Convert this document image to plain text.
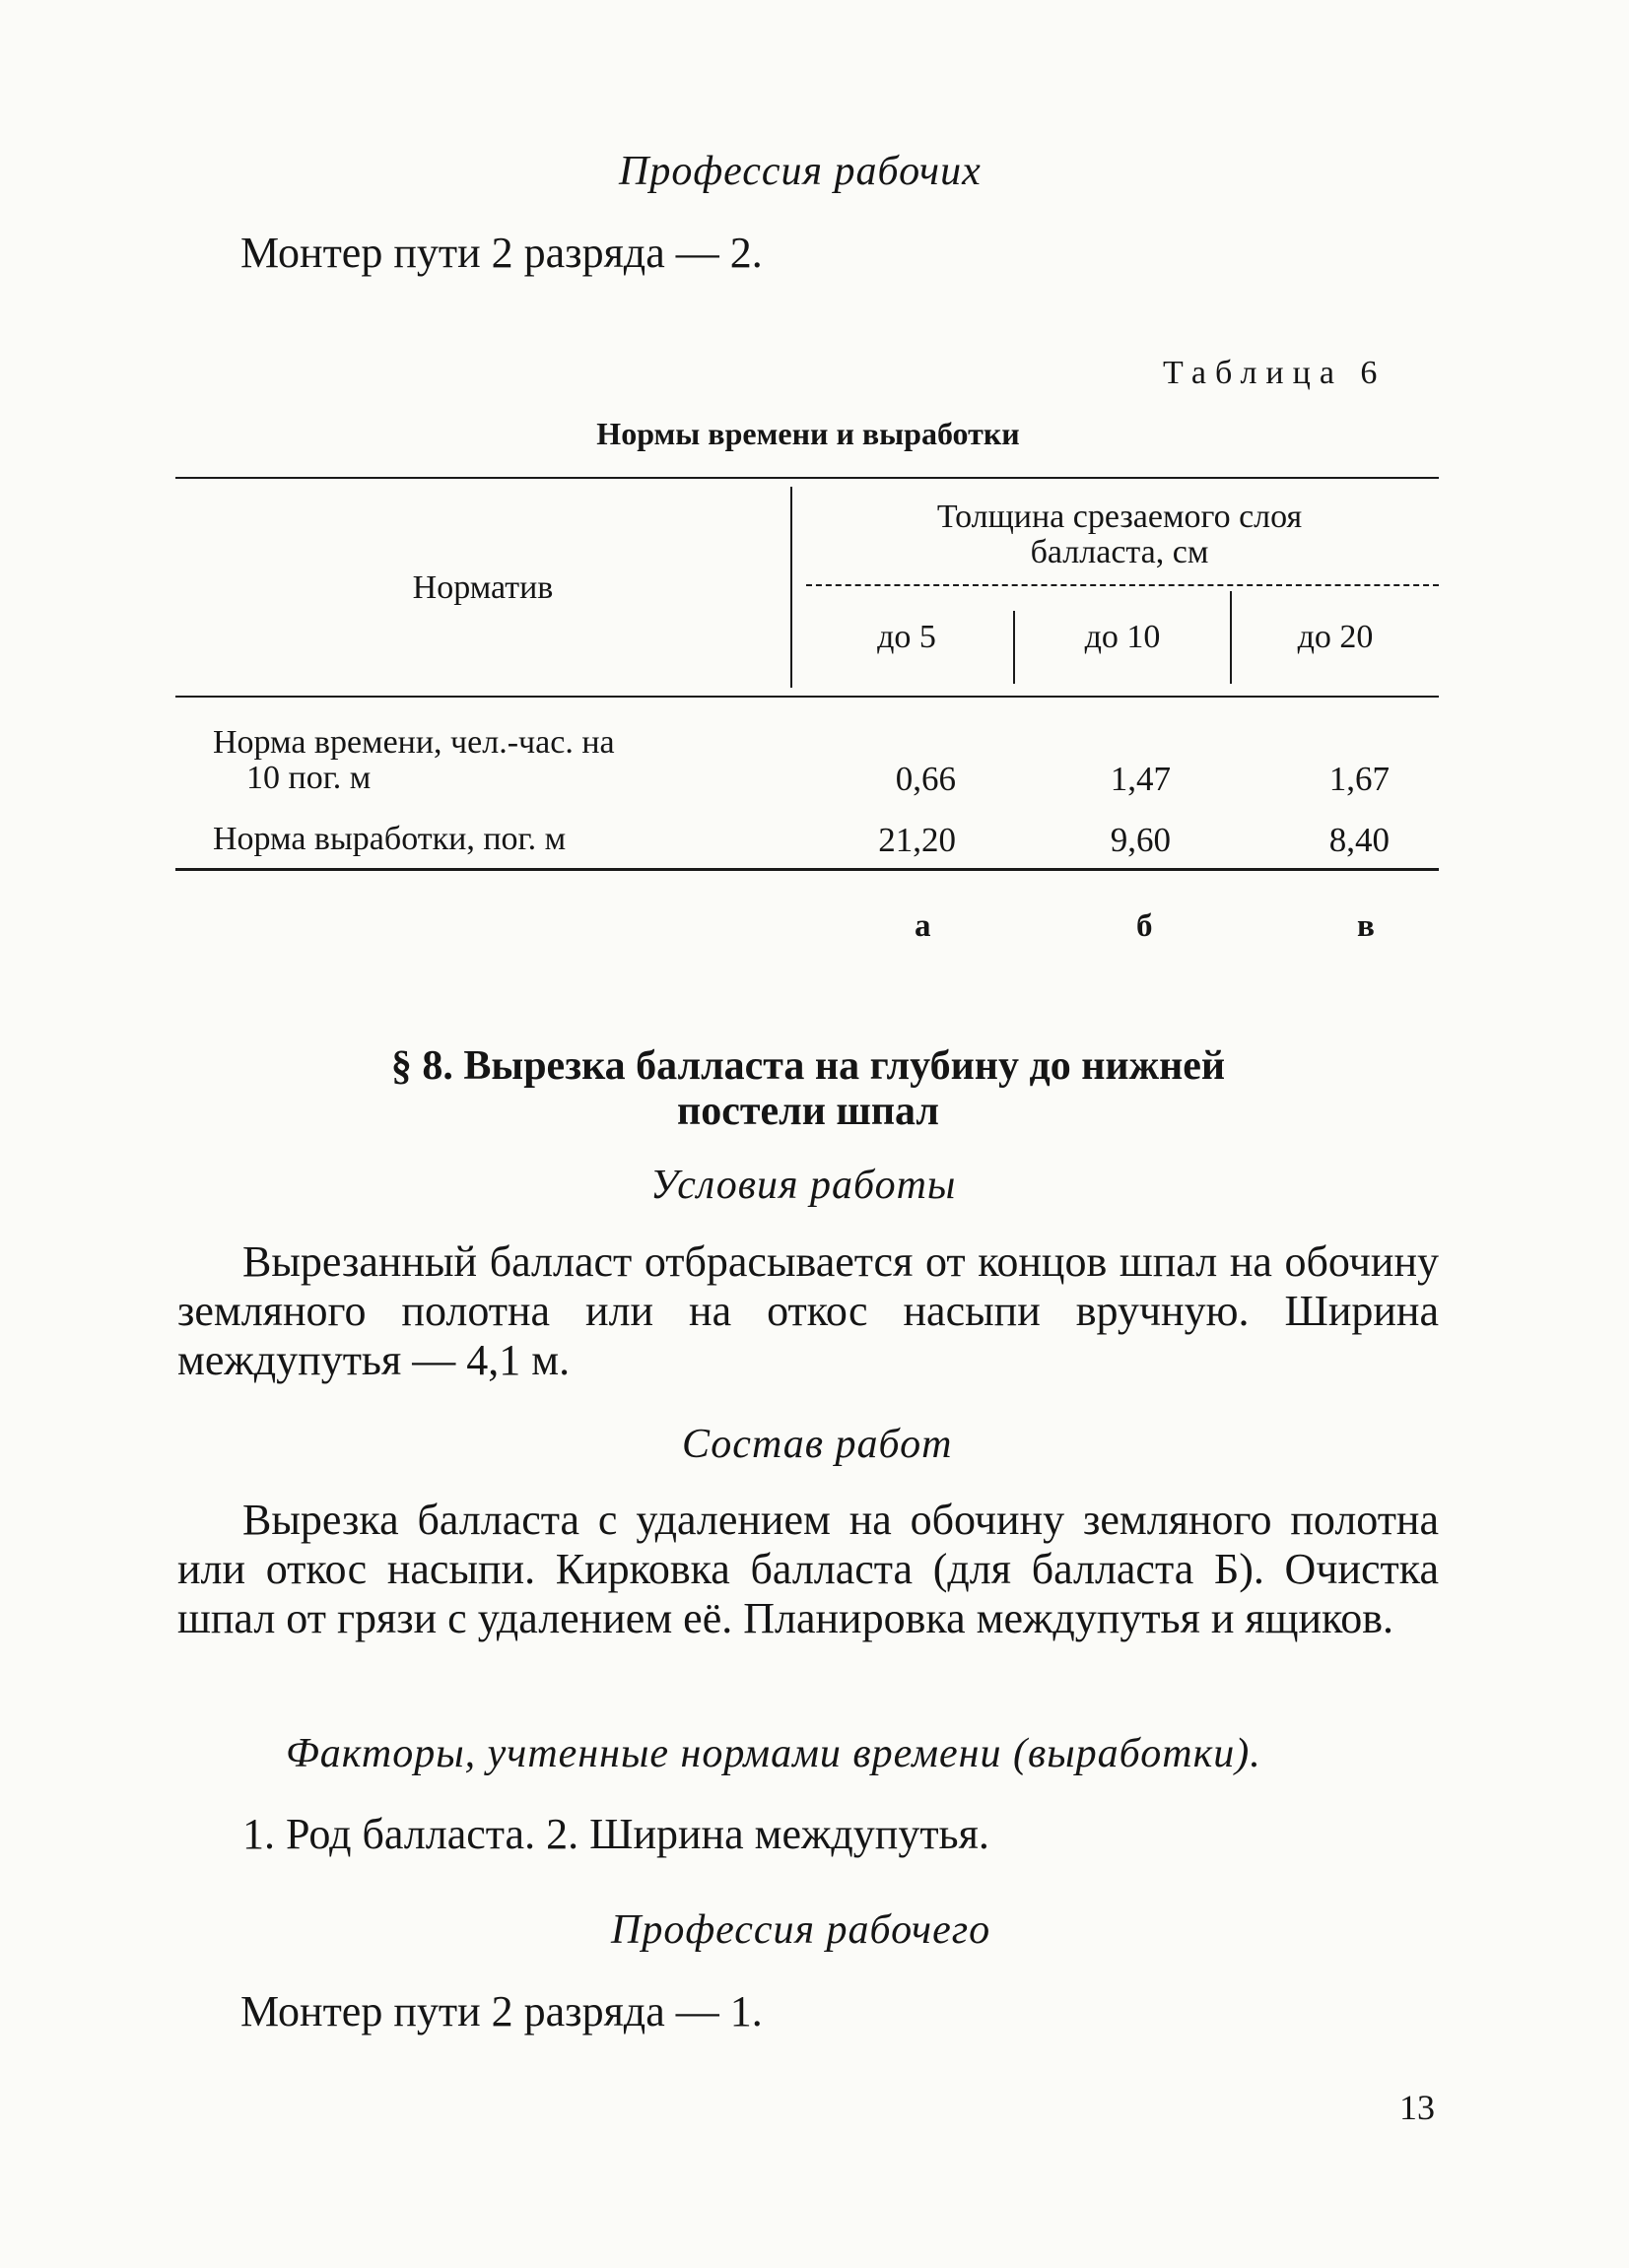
Профессия рабочих
Монтер пути 2 разряда — 2.
Таблица 6
Нормы времени и выработки
Норматив
Толщина срезаемого слоя
балласта, см
до 5	до 10	до 20
Норма времени, чел.-час. на
10 пог. м	0,66	1,47	1,67
Норма выработки, пог. м	21,20	9,60	8,40
а	б	в
§ 8. Вырезка балласта на глубину до нижней
постели шпал
Условия работы
Вырезанный балласт отбрасывается от концов шпал на обочину земляного полотна или на откос насыпи вручную. Ширина междупутья — 4,1 м.
Состав работ
Вырезка балласта с удалением на обочину земляного полотна или откос насыпи. Кирковка балласта (для балласта Б). Очистка шпал от грязи с удалением её. Планировка междупутья и ящиков.
Факторы, учтенные нормами времени (выработки).
1. Род балласта. 2. Ширина междупутья.
Профессия рабочего
Монтер пути 2 разряда — 1.
13
